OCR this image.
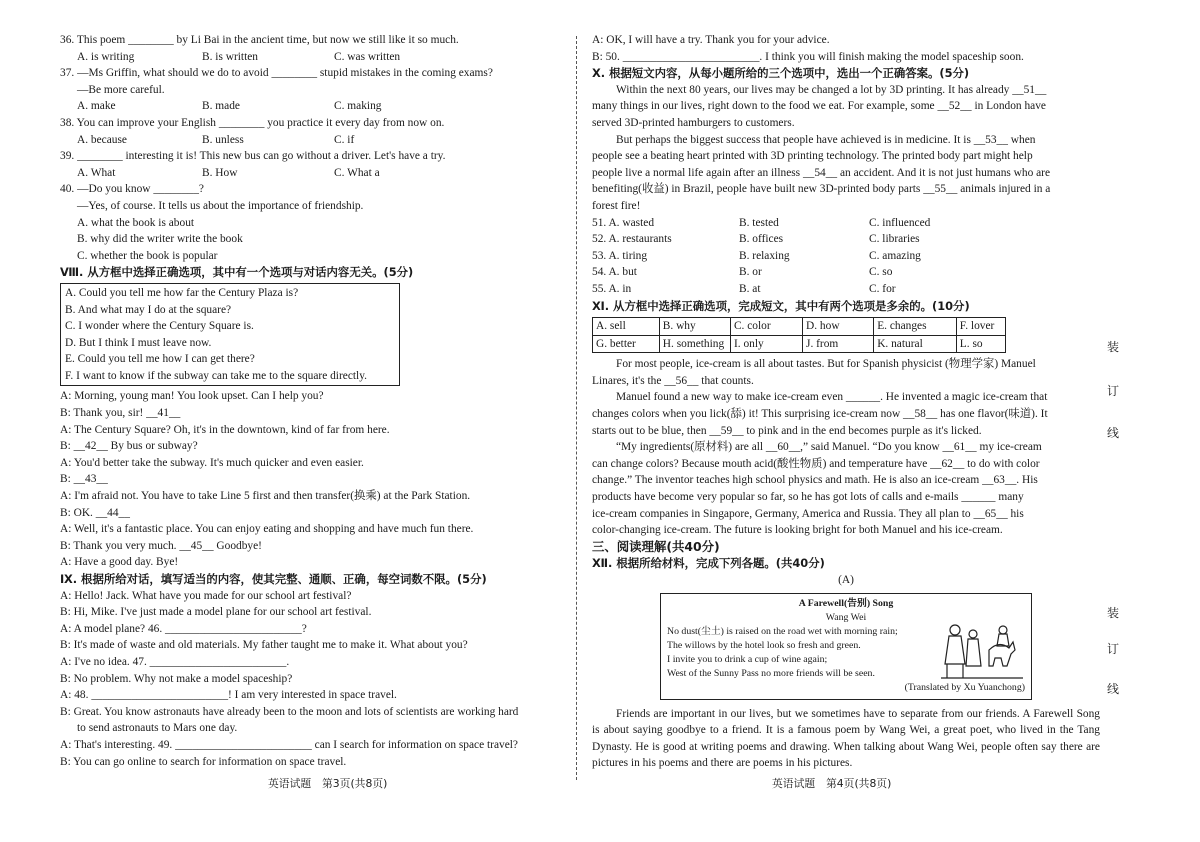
36. This poem ________ by Li Bai in the ancient time, but now we still like it so much.
A. is writing	B. is written	C. was written
37. —Ms Griffin, what should we do to avoid ________ stupid mistakes in the coming exams?
—Be more careful.
A. make	B. made	C. making
38. You can improve your English ________ you practice it every day from now on.
A. because	B. unless	C. if
39. ________ interesting it is! This new bus can go without a driver. Let's have a try.
A. What	B. How	C. What a
40. —Do you know ________?
—Yes, of course. It tells us about the importance of friendship.
A. what the book is about
B. why did the writer write the book
C. whether the book is popular
Ⅷ. 从方框中选择正确选项，其中有一个选项与对话内容无关。(5分)
A. Could you tell me how far the Century Plaza is?
B. And what may I do at the square?
C. I wonder where the Century Square is.
D. But I think I must leave now.
E. Could you tell me how I can get there?
F. I want to know if the subway can take me to the square directly.
A: Morning, young man! You look upset. Can I help you?
B: Thank you, sir! __41__
A: The Century Square? Oh, it's in the downtown, kind of far from here.
B: __42__ By bus or subway?
A: You'd better take the subway. It's much quicker and even easier.
B: __43__
A: I'm afraid not. You have to take Line 5 first and then transfer(换乘) at the Park Station.
B: OK. __44__
A: Well, it's a fantastic place. You can enjoy eating and shopping and have much fun there.
B: Thank you very much. __45__ Goodbye!
A: Have a good day. Bye!
Ⅸ. 根据所给对话，填写适当的内容，使其完整、通顺、正确，每空词数不限。(5分)
A: Hello! Jack. What have you made for our school art festival?
B: Hi, Mike. I've just made a model plane for our school art festival.
A: A model plane? 46. ________________________?
B: It's made of waste and old materials. My father taught me to make it. What about you?
A: I've no idea. 47. ________________________.
B: No problem. Why not make a model spaceship?
A: 48. ________________________! I am very interested in space travel.
B: Great. You know astronauts have already been to the moon and lots of scientists are working hard
to send astronauts to Mars one day.
A: That's interesting. 49. ________________________ can I search for information on space travel?
B: You can go online to search for information on space travel.
A: OK, I will have a try. Thank you for your advice.
B: 50. ________________________. I think you will finish making the model spaceship soon.
Ⅹ. 根据短文内容，从每小题所给的三个选项中，选出一个正确答案。(5分)
Within the next 80 years, our lives may be changed a lot by 3D printing. It has already __51__
many things in our lives, right down to the food we eat. For example, some __52__ in London have
served 3D-printed hamburgers to customers.
But perhaps the biggest success that people have achieved is in medicine. It is __53__ when
people see a beating heart printed with 3D printing technology. The printed body part might help
people live a normal life again after an illness __54__ an accident. And it is not just humans who are
benefiting(收益) in Brazil, people have built new 3D-printed body parts __55__ animals injured in a
forest fire!
51. A. wasted	B. tested	C. influenced
52. A. restaurants	B. offices	C. libraries
53. A. tiring	B. relaxing	C. amazing
54. A. but	B. or	C. so
55. A. in	B. at	C. for
Ⅺ. 从方框中选择正确选项，完成短文，其中有两个选项是多余的。(10分)
A. sell	B. why	C. color	D. how	E. changes	F. lover
G. better	H. something I. only	J. from	K. natural	L. so
For most people, ice-cream is all about tastes. But for Spanish physicist (物理学家) Manuel
Linares, it's the __56__ that counts.
Manuel found a new way to make ice-cream even ______. He invented a magic ice-cream that
changes colors when you lick(舔) it! This surprising ice-cream now __58__ has one flavor(味道). It
starts out to be blue, then __59__ to pink and in the end becomes purple as it's licked.
“My ingredients(原材料) are all __60__,” said Manuel. “Do you know __61__ my ice-cream
can change colors? Because mouth acid(酸性物质) and temperature have __62__ to do with color
change.” The inventor teaches high school physics and math. He is also an ice-cream __63__. His
products have become very popular so far, so he has got lots of calls and e-mails ______ many
ice-cream companies in Singapore, Germany, America and Russia. They all plan to __65__ his
color-changing ice-cream. The future is looking bright for both Manuel and his ice-cream.
三、阅读理解(共40分)
Ⅻ. 根据所给材料，完成下列各题。(共40分)
(A)
A Farewell(告别) Song
Wang Wei
No dust(尘土) is raised on the road wet with morning rain;
The willows by the hotel look so fresh and green.
I invite you to drink a cup of wine again;
West of the Sunny Pass no more friends will be seen.
(Translated by Xu Yuanchong)
Friends are important in our lives, but we sometimes have to separate from our friends. A Farewell Song is about saying goodbye to a friend. It is a famous poem by Wang Wei, a great poet, who lived in the Tang Dynasty. He is good at writing poems and drawing. When talking about Wang Wei, people often say there are pictures in his poems and there are poems in his pictures.
英语试题　第3页(共8页)	英语试题　第4页(共8页)
装
订
线
装
订
线
